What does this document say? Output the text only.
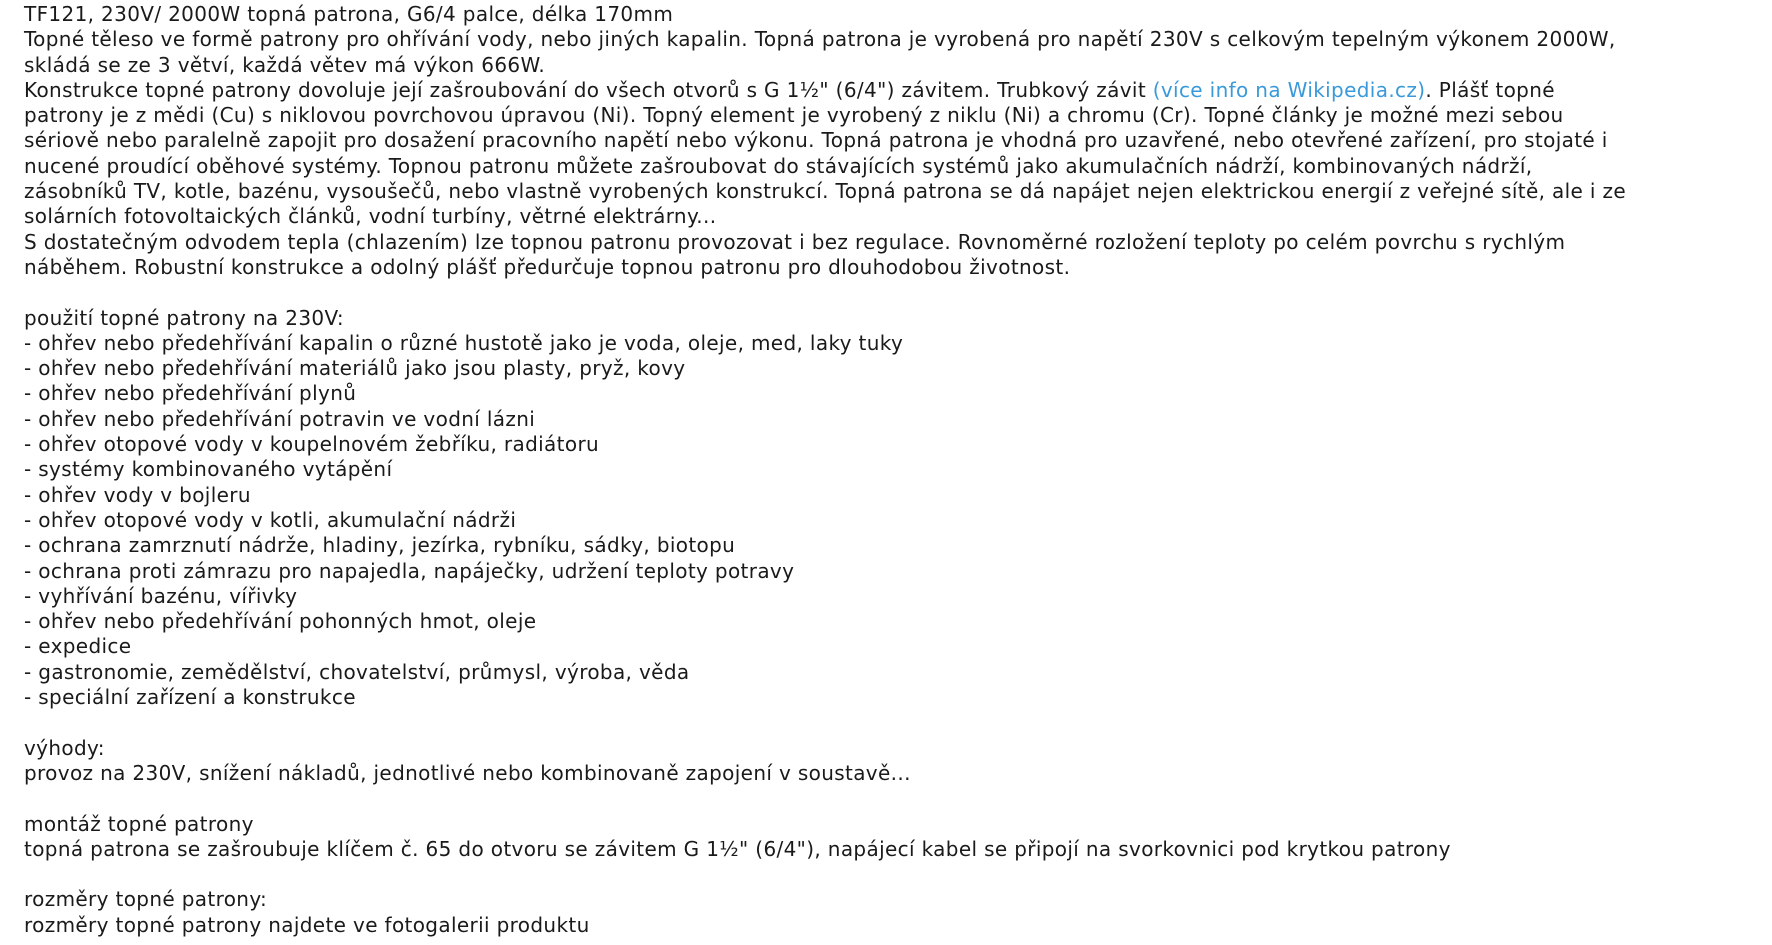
TF121, 230V/ 2000W topná patrona, G6/4 palce, délka 170mm
Topné těleso ve formě patrony pro ohřívání vody, nebo jiných kapalin. Topná patrona je vyrobená pro napětí 230V s celkovým tepelným výkonem 2000W,
skládá se ze 3 větví, každá větev má výkon 666W.
Konstrukce topné patrony dovoluje její zašroubování do všech otvorů s G 1½" (6/4") závitem. Trubkový závit (více info na Wikipedia.cz). Plášť topné
patrony je z mědi (Cu) s niklovou povrchovou úpravou (Ni). Topný element je vyrobený z niklu (Ni) a chromu (Cr). Topné články je možné mezi sebou
sériově nebo paralelně zapojit pro dosažení pracovního napětí nebo výkonu. Topná patrona je vhodná pro uzavřené, nebo otevřené zařízení, pro stojaté i
nucené proudící oběhové systémy. Topnou patronu můžete zašroubovat do stávajících systémů jako akumulačních nádrží, kombinovaných nádrží,
zásobníků TV, kotle, bazénu, vysoušečů, nebo vlastně vyrobených konstrukcí. Topná patrona se dá napájet nejen elektrickou energií z veřejné sítě, ale i ze
solárních fotovoltaických článků, vodní turbíny, větrné elektrárny...
S dostatečným odvodem tepla (chlazením) lze topnou patronu provozovat i bez regulace. Rovnoměrné rozložení teploty po celém povrchu s rychlým
náběhem. Robustní konstrukce a odolný plášť předurčuje topnou patronu pro dlouhodobou životnost.
použití topné patrony na 230V:
- ohřev nebo předehřívání kapalin o různé hustotě jako je voda, oleje, med, laky tuky
- ohřev nebo předehřívání materiálů jako jsou plasty, pryž, kovy
- ohřev nebo předehřívání plynů
- ohřev nebo předehřívání potravin ve vodní lázni
- ohřev otopové vody v koupelnovém žebříku, radiátoru
- systémy kombinovaného vytápění
- ohřev vody v bojleru
- ohřev otopové vody v kotli, akumulační nádrži
- ochrana zamrznutí nádrže, hladiny, jezírka, rybníku, sádky, biotopu
- ochrana proti zámrazu pro napajedla, napáječky, udržení teploty potravy
- vyhřívání bazénu, vířivky
- ohřev nebo předehřívání pohonných hmot, oleje
- expedice
- gastronomie, zemědělství, chovatelství, průmysl, výroba, věda
- speciální zařízení a konstrukce
výhody:
provoz na 230V, snížení nákladů, jednotlivé nebo kombinovaně zapojení v soustavě...
montáž topné patrony
topná patrona se zašroubuje klíčem č. 65 do otvoru se závitem G 1½" (6/4"), napájecí kabel se připojí na svorkovnici pod krytkou patrony
rozměry topné patrony:
rozměry topné patrony najdete ve fotogalerii produktu
